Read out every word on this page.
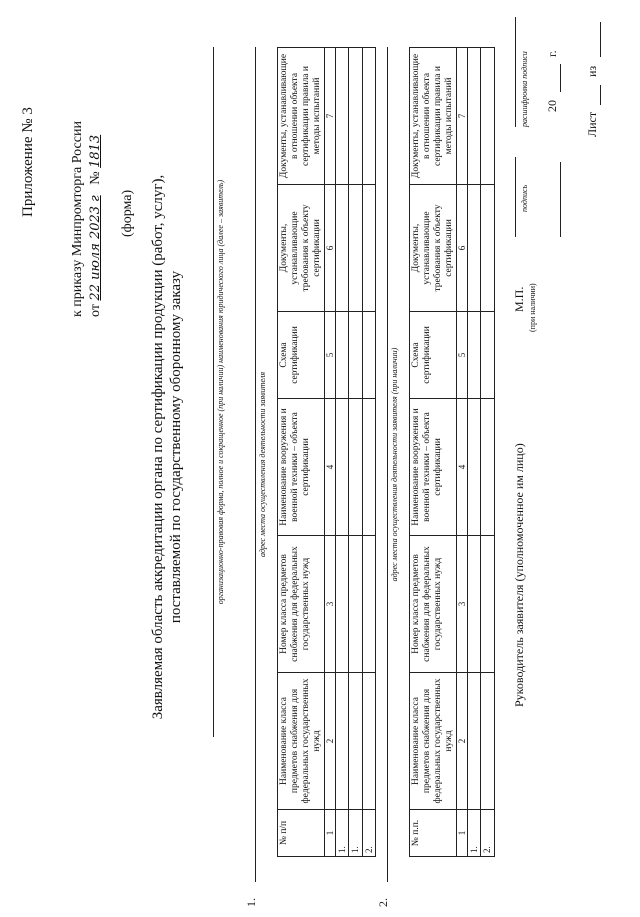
Приложение № 3 к приказу Минпромторга России от 22 июля 2023 г   № 1813
(форма) Заявляемая область аккредитации органа по сертификации продукции (работ, услуг), поставляемой по государственному оборонному заказу	организационно-правовая форма, полное и сокращенное (при наличии) наименования юридического лица (далее – заявитель)
1.
адрес места осуществления деятельности заявителя
№ п/п	Наименование класса предметов снабжения для федеральных государственных нужд	Номер класса предметов снабжения для федеральных государственных нужд	Наименование вооружения и военной техники – объекта сертификации	Схема сертификации	Документы, устанавливающие требования к объекту сертификации	Документы, устанавливающие в отношении объекта сертификации правила и методы испытаний
1	2	3	4	5	6	7
1.						
1.						
2.						
2.
адрес места осуществления деятельности заявителя (при наличии)
№ п.п.	Наименование класса предметов снабжения для федеральных государственных нужд	Номер класса предметов снабжения для федеральных государственных нужд	Наименование вооружения и военной техники – объекта сертификации	Схема сертификации	Документы, устанавливающие требования к объекту сертификации	Документы, устанавливающие в отношении объекта сертификации правила и методы испытаний
1	2	3	4	5	6	7
1.						
2.						
Руководитель заявителя (уполномоченное им лицо)
М.П. (при наличии)
подпись
расшифровка подписи 20
г.
Лист
из
